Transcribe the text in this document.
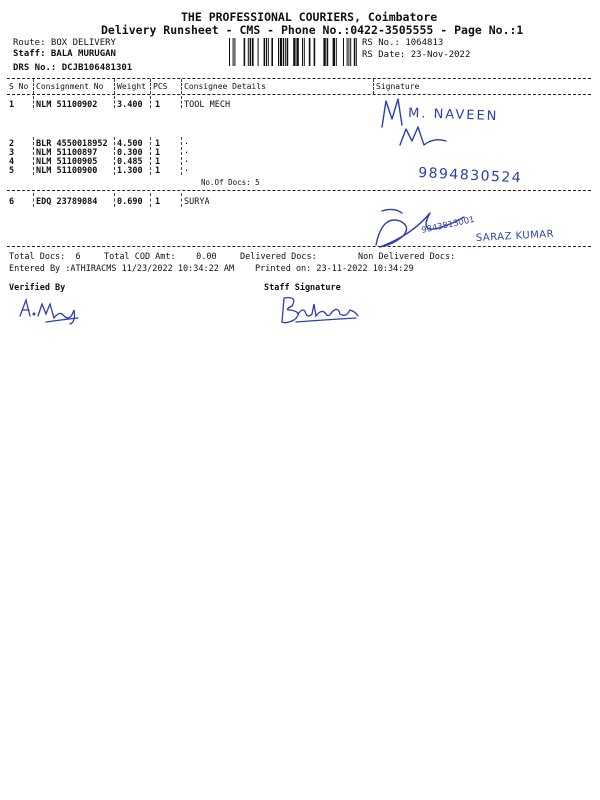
THE PROFESSIONAL COURIERS, Coimbatore
Delivery Runsheet - CMS - Phone No.:0422-3505555 - Page No.:1
Route: BOX DELIVERY
Staff: BALA MURUGAN
DRS No.: DCJB106481301
RS No.: 1064813
RS Date: 23-Nov-2022
S No Consignment No Weight PCS Consignee Details	Signature
1	NLM 51100902 3.400 1	TOOL MECH
2	BLR 4550018952 4.500 1	.
3	NLM 51100897 0.300 1	.
4	NLM 51100905 0.485 1	.
5	NLM 51100900 1.300 1	.
No.Of Docs: 5
6	EDQ 23789084 0.690 1	SURYA
M. NAVEEN
9894830524
9843813001
SARAZ KUMAR
Total Docs:  6	Total COD Amt:    0.00	Delivered Docs:	Non Delivered Docs:
Entered By :ATHIRACMS 11/23/2022 10:34:22 AM Printed on: 23-11-2022 10:34:29
Verified By	Staff Signature
